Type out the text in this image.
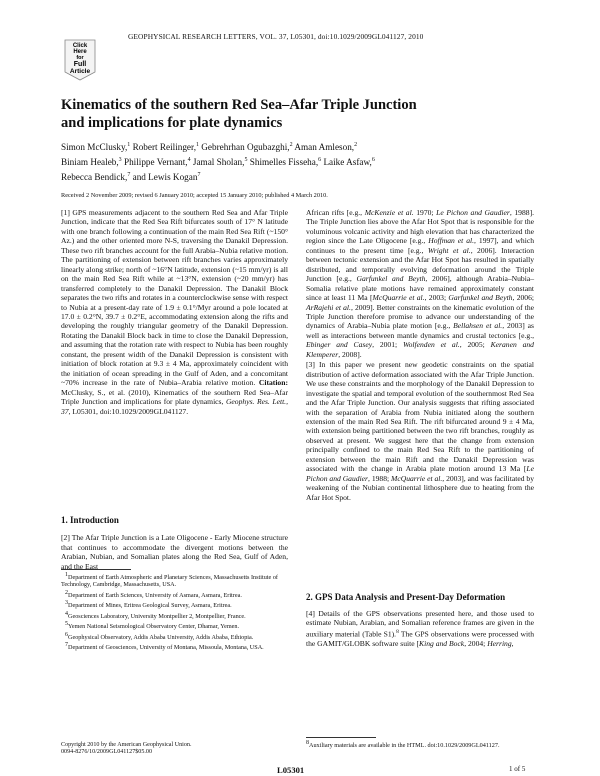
Click
Here
for
Full
Article
GEOPHYSICAL RESEARCH LETTERS, VOL. 37, L05301, doi:10.1029/2009GL041127, 2010
Kinematics of the southern Red Sea–Afar Triple Junction
and implications for plate dynamics
Simon McClusky,$^1$ Robert Reilinger,$^1$ Gebrehrhan Ogubazghi,$^2$ Aman Amleson,$^2$
Biniam Healeb,$^3$ Philippe Vernant,$^4$ Jamal Sholan,$^5$ Shimelles Fisseha,$^6$ Laike Asfaw,$^6$
Rebecca Bendick,$^7$ and Lewis Kogan$^7$
Received 2 November 2009; revised 6 January 2010; accepted 15 January 2010; published 4 March 2010.

[1] GPS measurements adjacent to the southern Red Sea and Afar Triple Junction, indicate that the Red Sea Rift bifurcates south of 17° N latitude with one branch following a continuation of the main Red Sea Rift (~150° Az.) and the other oriented more N-S, traversing the Danakil Depression. These two rift branches account for the full Arabia–Nubia relative motion. The partitioning of extension between rift branches varies approximately linearly along strike; north of ~16°N latitude, extension (~15 mm/yr) is all on the main Red Sea Rift while at ~13°N, extension (~20 mm/yr) has transferred completely to the Danakil Depression. The Danakil Block separates the two rifts and rotates in a counterclockwise sense with respect to Nubia at a present-day rate of 1.9 ± 0.1°/Myr around a pole located at 17.0 ± 0.2°N, 39.7 ± 0.2°E, accommodating extension along the rifts and developing the roughly triangular geometry of the Danakil Depression. Rotating the Danakil Block back in time to close the Danakil Depression, and assuming that the rotation rate with respect to Nubia has been roughly constant, the present width of the Danakil Depression is consistent with initiation of block rotation at 9.3 ± 4 Ma, approximately coincident with the initiation of ocean spreading in the Gulf of Aden, and a concomitant ~70% increase in the rate of Nubia–Arabia relative motion. Citation: McClusky, S., et al. (2010), Kinematics of the southern Red Sea–Afar Triple Junction and implications for plate dynamics, Geophys. Res. Lett., 37, L05301, doi:10.1029/2009GL041127.

1. Introduction

[2] The Afar Triple Junction is a Late Oligocene - Early Miocene structure that continues to accommodate the divergent motions between the Arabian, Nubian, and Somalian plates along the Red Sea, Gulf of Aden, and the East

$^1$Department of Earth Atmospheric and Planetary Sciences, Massachusetts Institute of Technology, Cambridge, Massachusetts, USA.

$^2$Department of Earth Sciences, University of Asmara, Asmara, Eritrea.

$^3$Department of Mines, Eritrea Geological Survey, Asmara, Eritrea.

$^4$Geosciences Laboratory, University Montpellier 2, Montpellier, France.

$^5$Yemen National Seismological Observatory Center, Dhamar, Yemen.

$^6$Geophysical Observatory, Addis Ababa University, Addis Ababa, Ethiopia.

$^7$Department of Geosciences, University of Montana, Missoula, Montana, USA.

Copyright 2010 by the American Geophysical Union.
0094-8276/10/2009GL041127$05.00

African rifts [e.g., McKenzie et al. 1970; Le Pichon and Gaudier, 1988]. The Triple Junction lies above the Afar Hot Spot that is responsible for the voluminous volcanic activity and high elevation that has characterized the region since the Late Oligocene [e.g., Hoffman et al., 1997], and which continues to the present time [e.g., Wright et al., 2006]. Interaction between tectonic extension and the Afar Hot Spot has resulted in spatially distributed, and temporally evolving deformation around the Triple Junction [e.g., Garfunkel and Beyth, 2006], although Arabia–Nubia–Somalia relative plate motions have remained approximately constant since at least 11 Ma [McQuarrie et al., 2003; Garfunkel and Beyth, 2006; ArRajehi et al., 2009]. Better constraints on the kinematic evolution of the Triple Junction therefore promise to advance our understanding of the dynamics of Arabia–Nubia plate motion [e.g., Bellahsen et al., 2003] as well as interactions between mantle dynamics and crustal tectonics [e.g., Ebinger and Casey, 2001; Wolfenden et al., 2005; Keranen and Klemperer, 2008].

[3] In this paper we present new geodetic constraints on the spatial distribution of active deformation associated with the Afar Triple Junction. We use these constraints and the morphology of the Danakil Depression to investigate the spatial and temporal evolution of the southernmost Red Sea and the Afar Triple Junction. Our analysis suggests that rifting associated with the separation of Arabia from Nubia initiated along the southern extension of the main Red Sea Rift. The rift bifurcated around 9 ± 4 Ma, with extension being partitioned between the two rift branches, roughly as observed at present. We suggest here that the change from extension principally confined to the main Red Sea Rift to the partitioning of extension between the main Rift and the Danakil Depression was associated with the change in Arabia plate motion around 13 Ma [Le Pichon and Gaudier, 1988; McQuarrie et al., 2003], and was facilitated by weakening of the Nubian continental lithosphere due to heating from the Afar Hot Spot.

2. GPS Data Analysis and Present-Day Deformation

[4] Details of the GPS observations presented here, and those used to estimate Nubian, Arabian, and Somalian reference frames are given in the auxiliary material (Table S1).$^8$ The GPS observations were processed with the GAMIT/GLOBK software suite [King and Bock, 2004; Herring,

$^8$Auxiliary materials are available in the HTML. doi:10.1029/2009GL041127.
L05301	1 of 5
